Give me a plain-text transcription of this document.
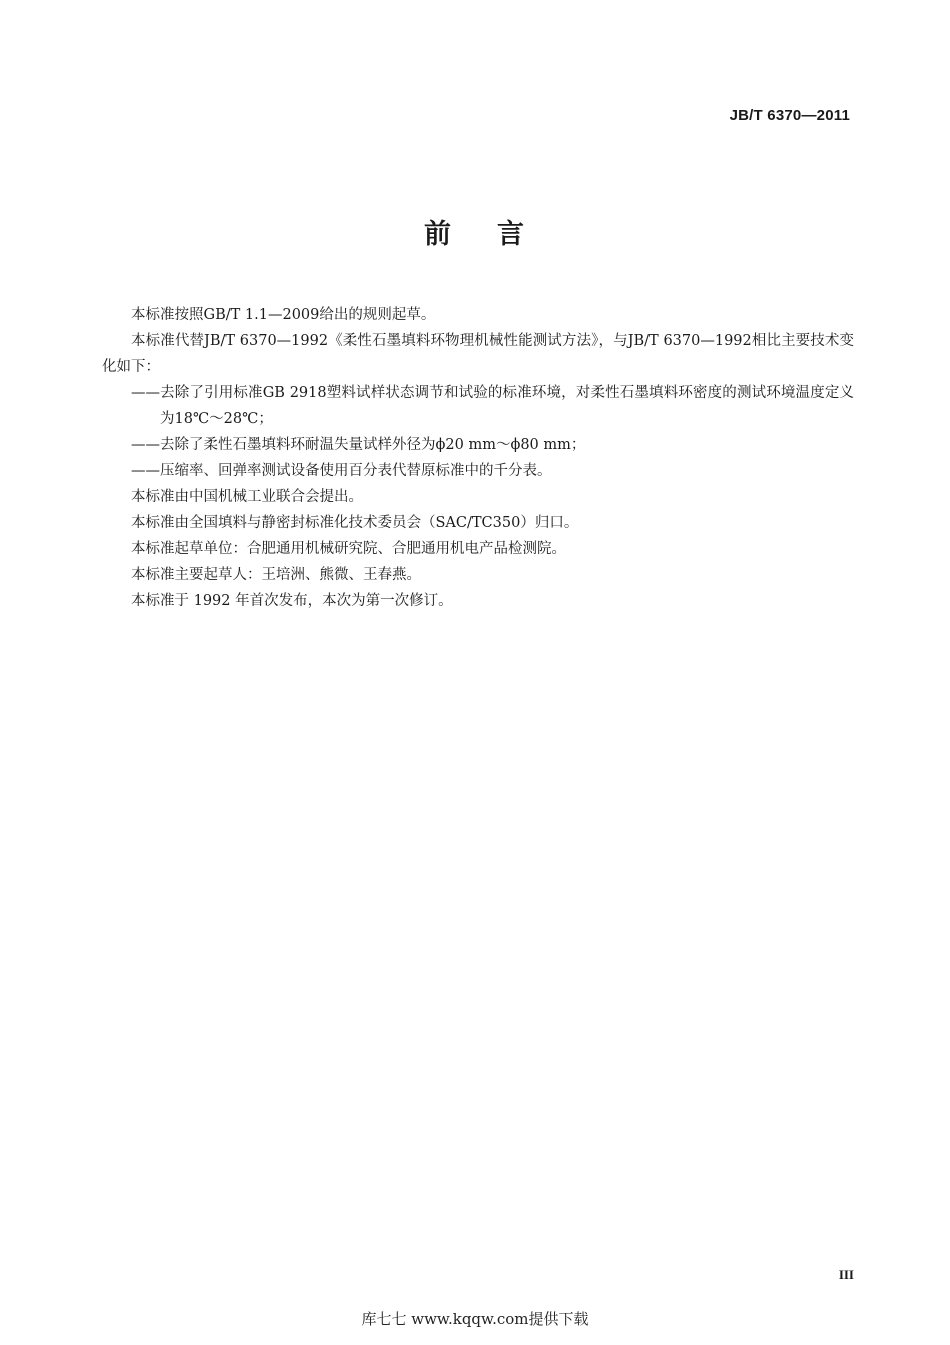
JB/T 6370—2011
前 言

本标准按照GB/T 1.1—2009给出的规则起草。

本标准代替JB/T 6370—1992《柔性石墨填料环物理机械性能测试方法》，与JB/T 6370—1992相比主要技术变化如下：

——去除了引用标准GB 2918塑料试样状态调节和试验的标准环境，对柔性石墨填料环密度的测试环境温度定义为18℃～28℃；

——去除了柔性石墨填料环耐温失量试样外径为ϕ20 mm～ϕ80 mm；

——压缩率、回弹率测试设备使用百分表代替原标准中的千分表。

本标准由中国机械工业联合会提出。

本标准由全国填料与静密封标准化技术委员会（SAC/TC350）归口。

本标准起草单位：合肥通用机械研究院、合肥通用机电产品检测院。

本标准主要起草人：王培洲、熊微、王春燕。

本标准于 1992 年首次发布，本次为第一次修订。

III
库七七 www.kqqw.com提供下载
